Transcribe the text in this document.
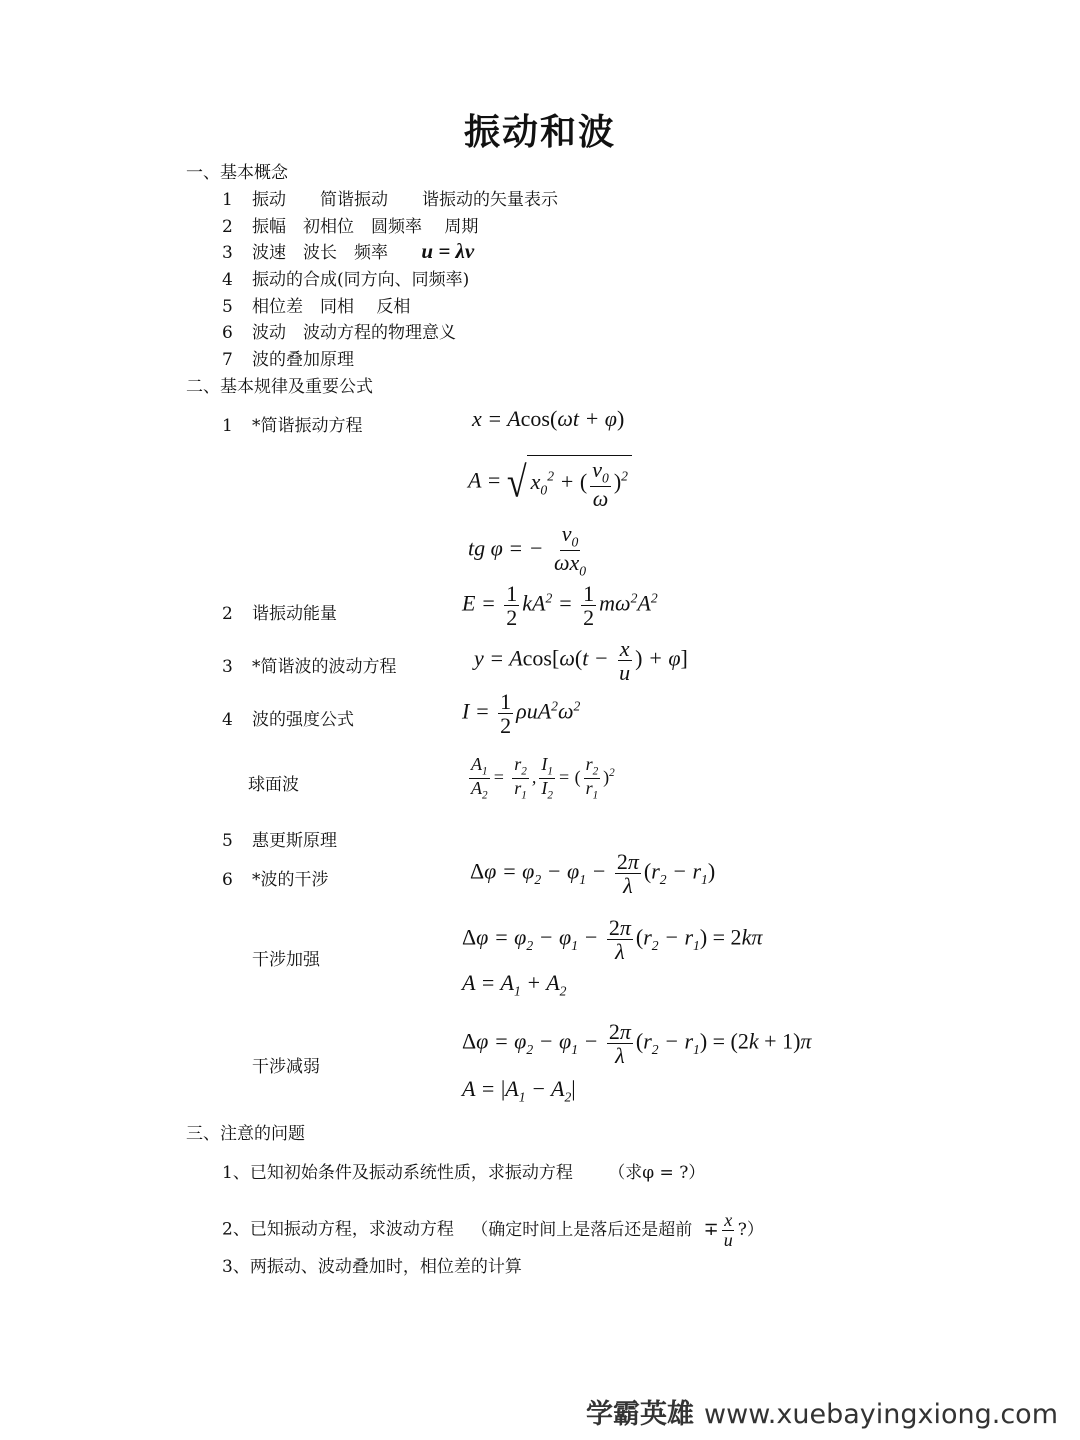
振动和波
一、基本概念
1 振动　　简谐振动　　谐振动的矢量表示
2 振幅　初相位　圆频率　 周期
3 波速　波长　频率 u = λv
4 振动的合成(同方向、同频率)
5 相位差　同相　 反相
6 波动　波动方程的物理意义
7 波的叠加原理
二、基本规律及重要公式
1 *简谐振动方程	x = Acos(ωt + φ)
A = √ $x_0^2$ + ( $\frac{v_0}{\omega} )^2$
tg φ = − $\frac{v_0}{\omega x_0}$
2 谐振动能量	$E = \frac{1}{2} kA^2 = \frac{1}{2} m\omega^2A^2$
3 *简谐波的波动方程	$y = Acos[\omega(t - \frac{x}{u}$ ) + φ]
4 波的强度公式	$I = \frac{1}{2} \rho uA^2\omega^2$
球面波	$\frac{A_1}{A_2} = \frac{r_2}{r_1}$ , $\frac{I_1}{I_2}$ = ( $\frac{r_2}{r_1} )^2$
5 惠更斯原理
6 *波的干涉	$\Delta\varphi = \varphi_2 - \varphi_1 - \frac{2\pi}{\lambda} (r_2 - r_1)$
干涉加强
$\Delta\varphi = \varphi_2 - \varphi_1 - \frac{2\pi}{\lambda} (r_2 - r_1) = 2k\pi$
$A = A_1 + A_2$
干涉减弱
$\Delta\varphi = \varphi_2 - \varphi_1 - \frac{2\pi}{\lambda} (r_2 - r_1) = (2k + 1)\pi$
$A = |A_1 - A_2|$
三、注意的问题
1、已知初始条件及振动系统性质，求振动方程 （求φ = ?）
2、已知振动方程，求波动方程 （确定时间上是落后还是超前 ∓ $\frac{x}{u}$ ?）
3、两振动、波动叠加时，相位差的计算
学霸英雄 www.xuebayingxiong.com
